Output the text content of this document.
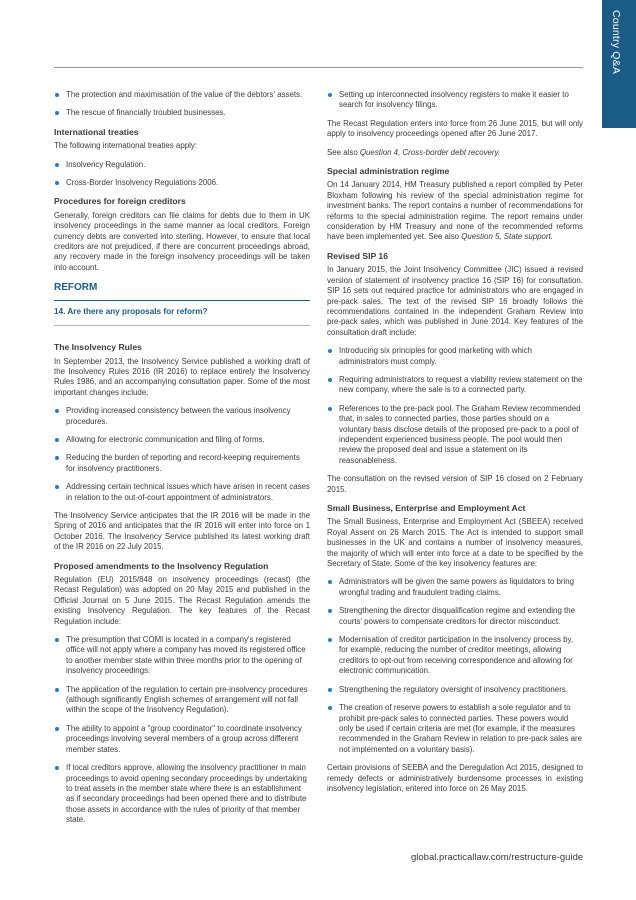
Country Q&A
The protection and maximisation of the value of the debtors' assets.
The rescue of financially troubled businesses.
International treaties
The following international treaties apply:
Insolvency Regulation.
Cross-Border Insolvency Regulations 2006.
Procedures for foreign creditors
Generally, foreign creditors can file claims for debts due to them in UK insolvency proceedings in the same manner as local creditors. Foreign currency debts are converted into sterling. However, to ensure that local creditors are not prejudiced, if there are concurrent proceedings abroad, any recovery made in the foreign insolvency proceedings will be taken into account.
REFORM
14. Are there any proposals for reform?
The Insolvency Rules
In September 2013, the Insolvency Service published a working draft of the Insolvency Rules 2016 (IR 2016) to replace entirely the Insolvency Rules 1986, and an accompanying consultation paper. Some of the most important changes include:
Providing increased consistency between the various insolvency procedures.
Allowing for electronic communication and filing of forms.
Reducing the burden of reporting and record-keeping requirements for insolvency practitioners.
Addressing certain technical issues which have arisen in recent cases in relation to the out-of-court appointment of administrators.
The Insolvency Service anticipates that the IR 2016 will be made in the Spring of 2016 and anticipates that the IR 2016 will enter into force on 1 October 2016. The Insolvency Service published its latest working draft of the IR 2016 on 22 July 2015.
Proposed amendments to the Insolvency Regulation
Regulation (EU) 2015/848 on insolvency proceedings (recast) (the Recast Regulation) was adopted on 20 May 2015 and published in the Official Journal on 5 June 2015. The Recast Regulation amends the existing Insolvency Regulation. The key features of the Recast Regulation include:
The presumption that COMI is located in a company's registered office will not apply where a company has moved its registered office to another member state within three months prior to the opening of insolvency proceedings.
The application of the regulation to certain pre-insolvency procedures (although significantly English schemes of arrangement will not fall within the scope of the Insolvency Regulation).
The ability to appoint a "group coordinator" to coordinate insolvency proceedings involving several members of a group across different member states.
If local creditors approve, allowing the insolvency practitioner in main proceedings to avoid opening secondary proceedings by undertaking to treat assets in the member state where there is an establishment as if secondary proceedings had been opened there and to distribute those assets in accordance with the rules of priority of that member state.
Setting up interconnected insolvency registers to make it easier to search for insolvency filings.
The Recast Regulation enters into force from 26 June 2015, but will only apply to insolvency proceedings opened after 26 June 2017.
See also Question 4, Cross-border debt recovery.
Special administration regime
On 14 January 2014, HM Treasury published a report compiled by Peter Bloxham following his review of the special administration regime for investment banks. The report contains a number of recommendations for reforms to the special administration regime. The report remains under consideration by HM Treasury and none of the recommended reforms have been implemented yet. See also Question 5, State support.
Revised SIP 16
In January 2015, the Joint Insolvency Committee (JIC) issued a revised version of statement of insolvency practice 16 (SIP 16) for consultation. SIP 16 sets out required practice for administrators who are engaged in pre-pack sales. The text of the revised SIP 16 broadly follows the recommendations contained in the independent Graham Review into pre-pack sales, which was published in June 2014. Key features of the consultation draft include:
Introducing six principles for good marketing with which administrators must comply.
Requiring administrators to request a viability review statement on the new company, where the sale is to a connected party.
References to the pre-pack pool. The Graham Review recommended that, in sales to connected parties, those parties should on a voluntary basis disclose details of the proposed pre-pack to a pool of independent experienced business people. The pool would then review the proposed deal and issue a statement on its reasonableness.
The consultation on the revised version of SIP 16 closed on 2 February 2015.
Small Business, Enterprise and Employment Act
The Small Business, Enterprise and Employment Act (SBEEA) received Royal Assent on 26 March 2015. The Act is intended to support small businesses in the UK and contains a number of insolvency measures, the majority of which will enter into force at a date to be specified by the Secretary of State. Some of the key insolvency features are:
Administrators will be given the same powers as liquidators to bring wrongful trading and fraudulent trading claims.
Strengthening the director disqualification regime and extending the courts' powers to compensate creditors for director misconduct.
Modernisation of creditor participation in the insolvency process by, for example, reducing the number of creditor meetings, allowing creditors to opt-out from receiving correspondence and allowing for electronic communication.
Strengthening the regulatory oversight of insolvency practitioners.
The creation of reserve powers to establish a sole regulator and to prohibit pre-pack sales to connected parties. These powers would only be used if certain criteria are met (for example, if the measures recommended in the Graham Review in relation to pre-pack sales are not implemented on a voluntary basis).
Certain provisions of SEEBA and the Deregulation Act 2015, designed to remedy defects or administratively burdensome processes in existing insolvency legislation, entered into force on 26 May 2015.
global.practicallaw.com/restructure-guide
